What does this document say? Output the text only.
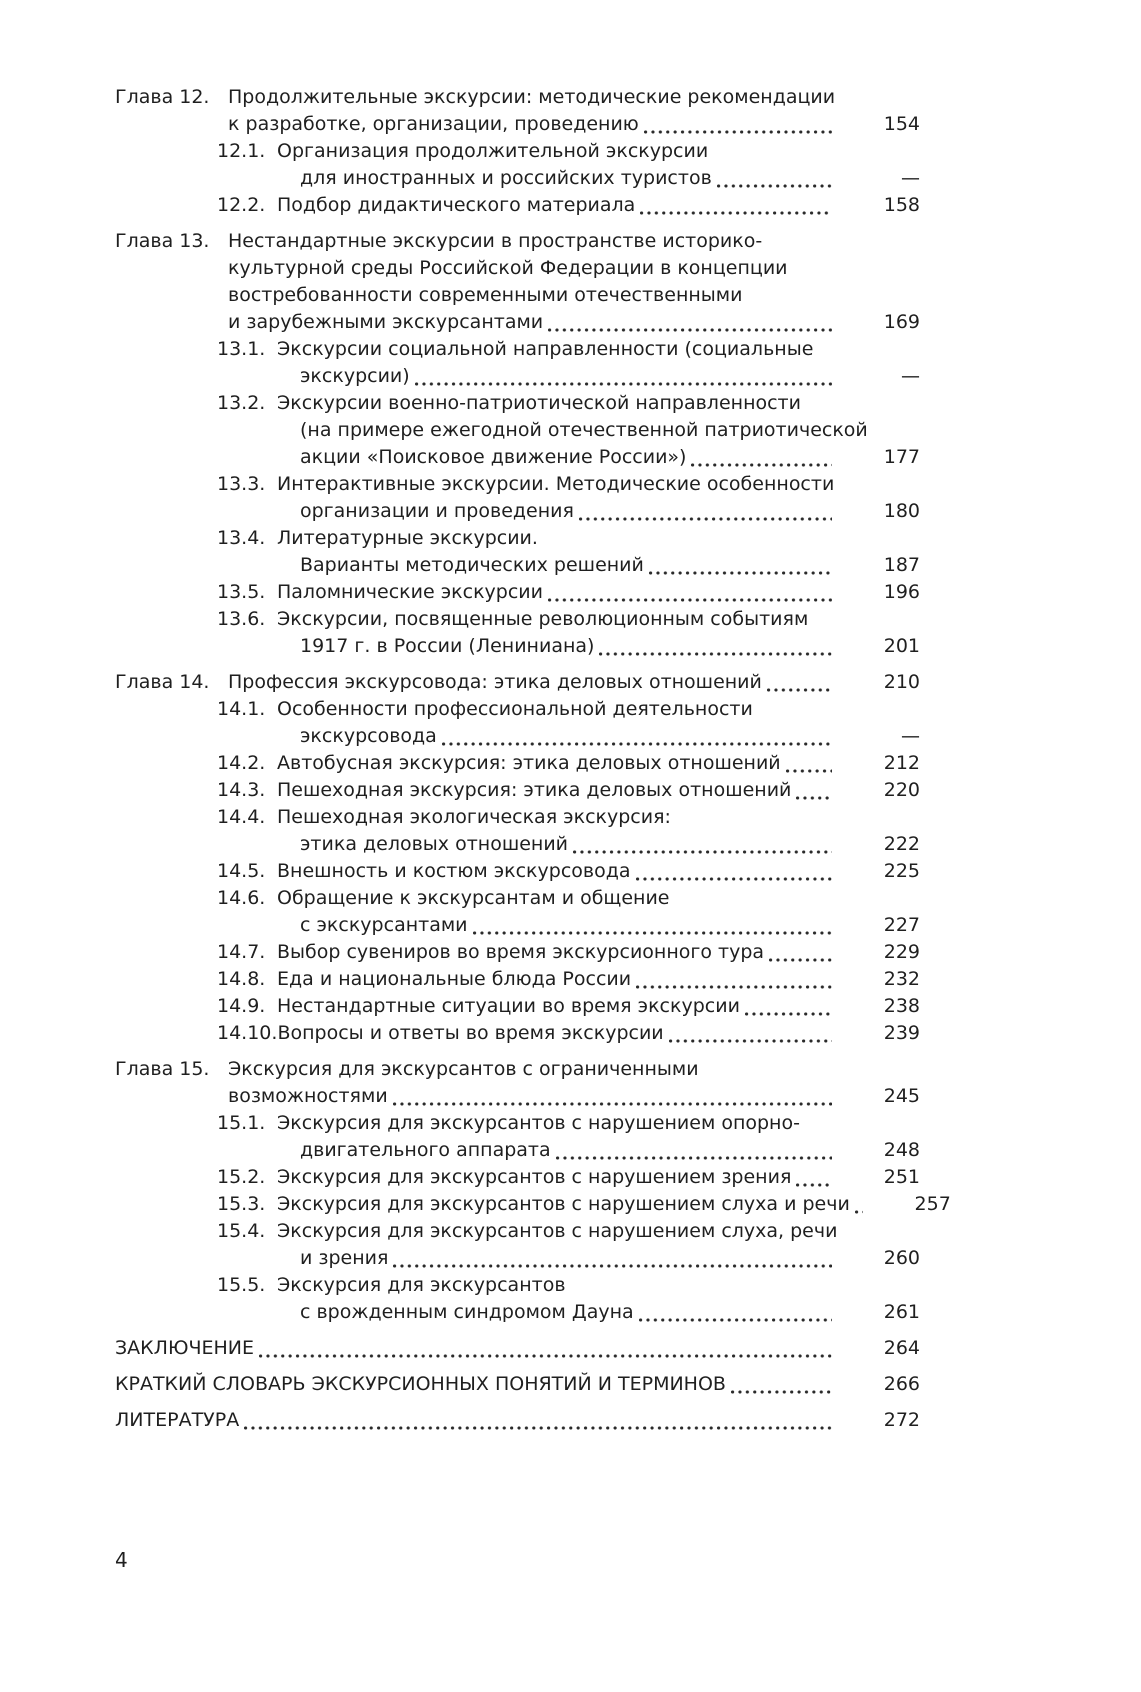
Глава 12. Продолжительные экскурсии: методические рекомендации
к разработке, организации, проведению	154
12.1. Организация продолжительной экскурсии
для иностранных и российских туристов	—
12.2. Подбор дидактического материала	158
Глава 13. Нестандартные экскурсии в пространстве историко-
культурной среды Российской Федерации в концепции
востребованности современными отечественными
и зарубежными экскурсантами	169
13.1. Экскурсии социальной направленности (социальные
экскурсии)	—
13.2. Экскурсии военно-патриотической направленности
(на примере ежегодной отечественной патриотической
акции «Поисковое движение России»)	177
13.3. Интерактивные экскурсии. Методические особенности
организации и проведения	180
13.4. Литературные экскурсии.
Варианты методических решений	187
13.5. Паломнические экскурсии	196
13.6. Экскурсии, посвященные революционным событиям
1917 г. в России (Лениниана)	201
Глава 14. Профессия экскурсовода: этика деловых отношений	210
14.1. Особенности профессиональной деятельности
экскурсовода	—
14.2. Автобусная экскурсия: этика деловых отношений	212
14.3. Пешеходная экскурсия: этика деловых отношений	220
14.4. Пешеходная экологическая экскурсия:
этика деловых отношений	222
14.5. Внешность и костюм экскурсовода	225
14.6. Обращение к экскурсантам и общение
с экскурсантами	227
14.7. Выбор сувениров во время экскурсионного тура	229
14.8. Еда и национальные блюда России	232
14.9. Нестандартные ситуации во время экскурсии	238
14.10. Вопросы и ответы во время экскурсии	239
Глава 15. Экскурсия для экскурсантов с ограниченными
возможностями	245
15.1. Экскурсия для экскурсантов с нарушением опорно-
двигательного аппарата	248
15.2. Экскурсия для экскурсантов с нарушением зрения	251
15.3. Экскурсия для экскурсантов с нарушением слуха и речи	257
15.4. Экскурсия для экскурсантов с нарушением слуха, речи
и зрения	260
15.5. Экскурсия для экскурсантов
с врожденным синдромом Дауна	261
ЗАКЛЮЧЕНИЕ	264
КРАТКИЙ СЛОВАРЬ ЭКСКУРСИОННЫХ ПОНЯТИЙ И ТЕРМИНОВ	266
ЛИТЕРАТУРА	272
4
